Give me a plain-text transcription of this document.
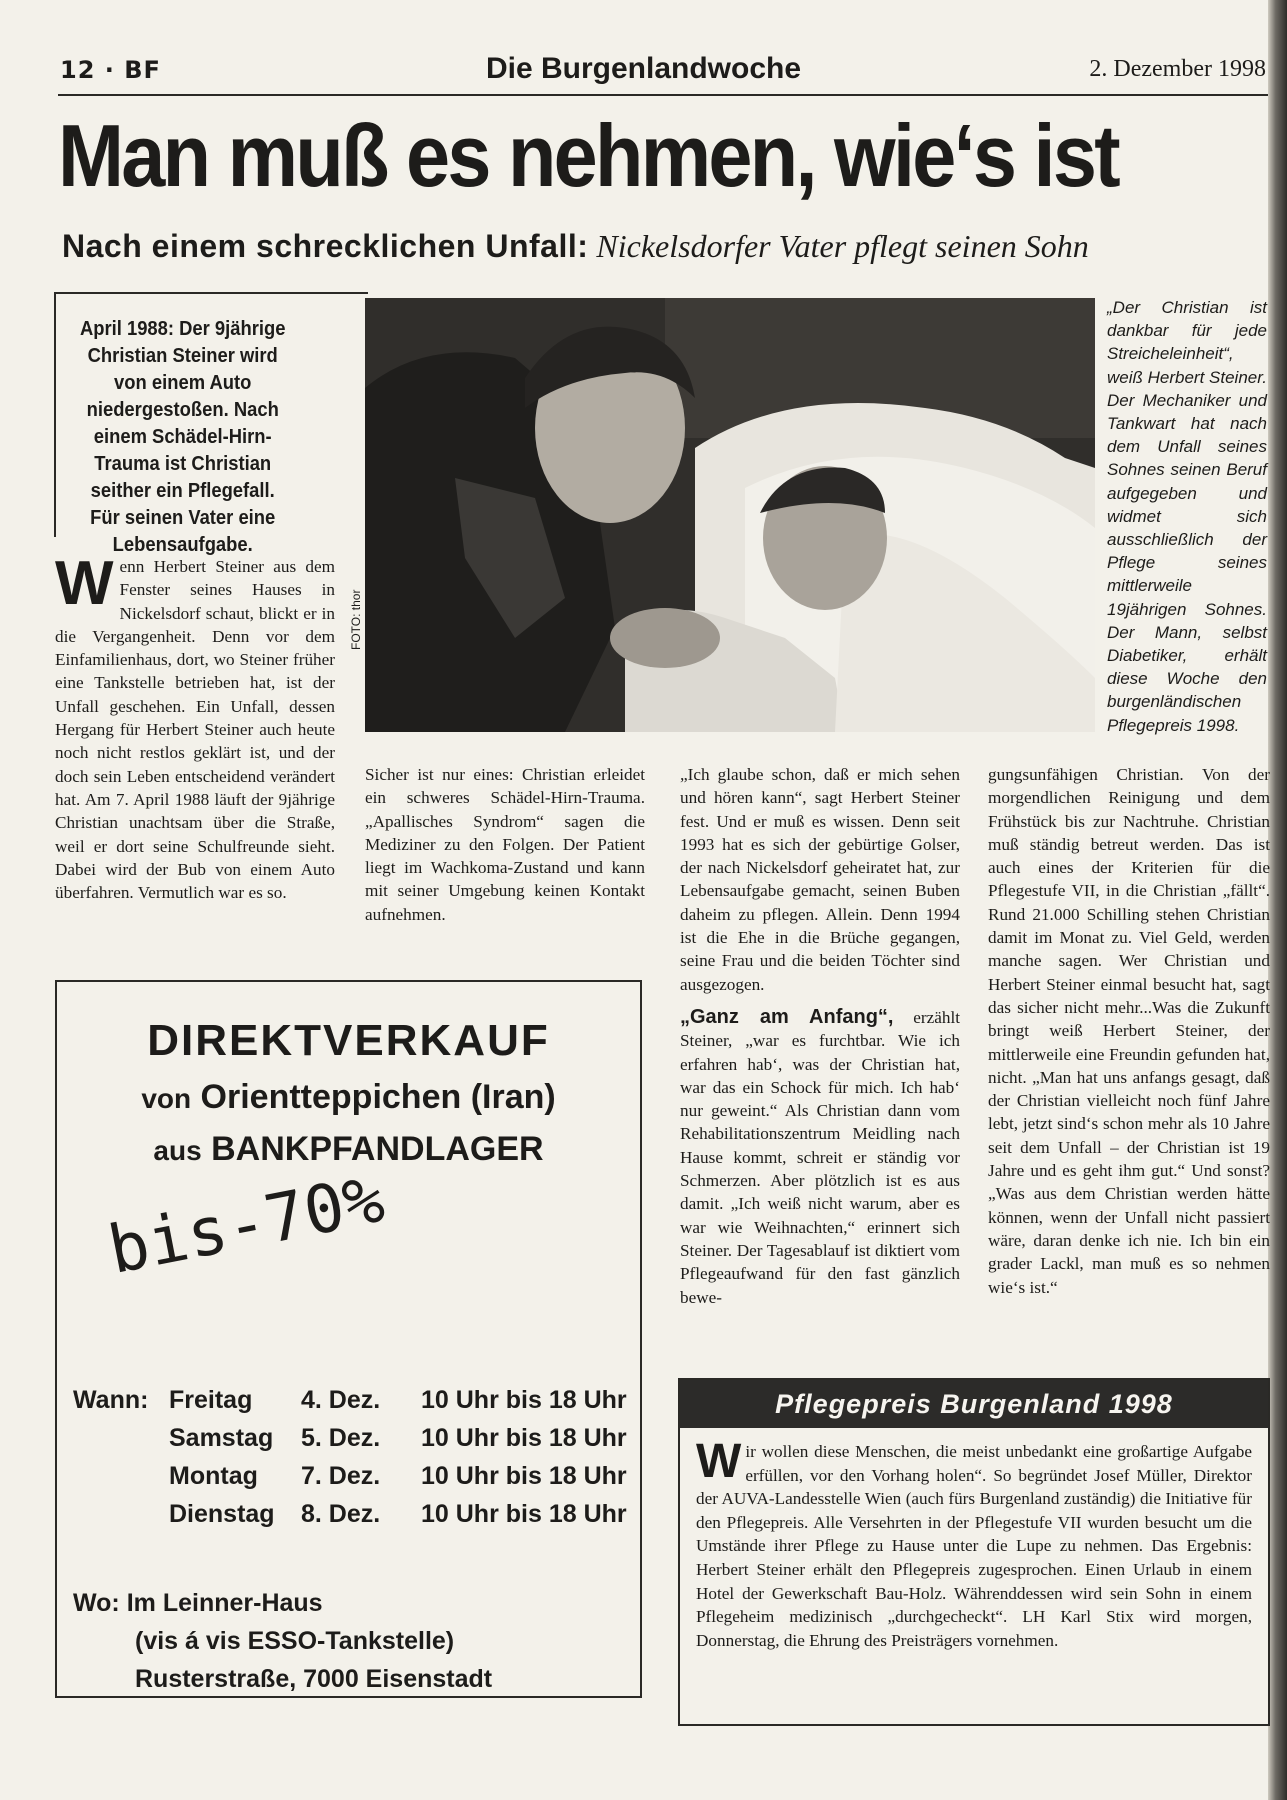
12 · BF	Die Burgenlandwoche	2. Dezember 1998
Man muß es nehmen, wie‘s ist
Nach einem schrecklichen Unfall: Nickelsdorfer Vater pflegt seinen Sohn
April 1988: Der 9jährige Christian Steiner wird von einem Auto niedergestoßen. Nach einem Schädel-Hirn-Trauma ist Christian seither ein Pflegefall. Für seinen Vater eine Lebensaufgabe.
FOTO: thor
„Der Christian ist dankbar für jede Streicheleinheit“, weiß Herbert Steiner. Der Mechaniker und Tankwart hat nach dem Unfall seines Sohnes seinen Beruf aufgegeben und widmet sich ausschließlich der Pflege seines mittlerweile 19jährigen Sohnes. Der Mann, selbst Diabetiker, erhält diese Woche den burgenländischen Pflegepreis 1998.
Wenn Herbert Steiner aus dem Fenster seines Hauses in Nickelsdorf schaut, blickt er in die Vergangenheit. Denn vor dem Einfamilienhaus, dort, wo Steiner früher eine Tankstelle betrieben hat, ist der Unfall geschehen. Ein Unfall, dessen Hergang für Herbert Steiner auch heute noch nicht restlos geklärt ist, und der doch sein Leben entscheidend verändert hat. Am 7. April 1988 läuft der 9jährige Christian unachtsam über die Straße, weil er dort seine Schulfreunde sieht. Dabei wird der Bub von einem Auto überfahren. Vermutlich war es so.
Sicher ist nur eines: Christian erleidet ein schweres Schädel-Hirn-Trauma. „Apallisches Syndrom“ sagen die Mediziner zu den Folgen. Der Patient liegt im Wachkoma-Zustand und kann mit seiner Umgebung keinen Kontakt aufnehmen.

„Ich glaube schon, daß er mich sehen und hören kann“, sagt Herbert Steiner fest. Und er muß es wissen. Denn seit 1993 hat es sich der gebürtige Golser, der nach Nickelsdorf geheiratet hat, zur Lebensaufgabe gemacht, seinen Buben daheim zu pflegen. Allein. Denn 1994 ist die Ehe in die Brüche gegangen, seine Frau und die beiden Töchter sind ausgezogen.

„Ganz am Anfang“, erzählt Steiner, „war es furchtbar. Wie ich erfahren hab‘, was der Christian hat, war das ein Schock für mich. Ich hab‘ nur geweint.“ Als Christian dann vom Rehabilitationszentrum Meidling nach Hause kommt, schreit er ständig vor Schmerzen. Aber plötzlich ist es aus damit. „Ich weiß nicht warum, aber es war wie Weihnachten,“ erinnert sich Steiner. Der Tagesablauf ist diktiert vom Pflegeaufwand für den fast gänzlich bewe-

gungsunfähigen Christian. Von der morgendlichen Reinigung und dem Frühstück bis zur Nachtruhe. Christian muß ständig betreut werden. Das ist auch eines der Kriterien für die Pflegestufe VII, in die Christian „fällt“. Rund 21.000 Schilling stehen Christian damit im Monat zu. Viel Geld, werden manche sagen. Wer Christian und Herbert Steiner einmal besucht hat, sagt das sicher nicht mehr...Was die Zukunft bringt weiß Herbert Steiner, der mittlerweile eine Freundin gefunden hat, nicht. „Man hat uns anfangs gesagt, daß der Christian vielleicht noch fünf Jahre lebt, jetzt sind‘s schon mehr als 10 Jahre seit dem Unfall – der Christian ist 19 Jahre und es geht ihm gut.“ Und sonst? „Was aus dem Christian werden hätte können, wenn der Unfall nicht passiert wäre, daran denke ich nie. Ich bin ein grader Lackl, man muß es so nehmen wie‘s ist.“
DIREKTVERKAUF
von Orientteppichen (Iran)
aus BANKPFANDLAGER
bis-70%
Wann: Freitag 4. Dez. 10 Uhr bis 18 Uhr
Samstag 5. Dez. 10 Uhr bis 18 Uhr
Montag 7. Dez. 10 Uhr bis 18 Uhr
Dienstag 8. Dez. 10 Uhr bis 18 Uhr
Wo: Im Leinner-Haus
(vis á vis ESSO-Tankstelle)
Rusterstraße, 7000 Eisenstadt
Pflegepreis Burgenland 1998
Wir wollen diese Menschen, die meist unbedankt eine großartige Aufgabe erfüllen, vor den Vorhang holen“. So begründet Josef Müller, Direktor der AUVA-Landesstelle Wien (auch fürs Burgenland zuständig) die Initiative für den Pflegepreis. Alle Versehrten in der Pflegestufe VII wurden besucht um die Umstände ihrer Pflege zu Hause unter die Lupe zu nehmen. Das Ergebnis: Herbert Steiner erhält den Pflegepreis zugesprochen. Einen Urlaub in einem Hotel der Gewerkschaft Bau-Holz. Währenddessen wird sein Sohn in einem Pflegeheim medizinisch „durchgecheckt“. LH Karl Stix wird morgen, Donnerstag, die Ehrung des Preisträgers vornehmen.
